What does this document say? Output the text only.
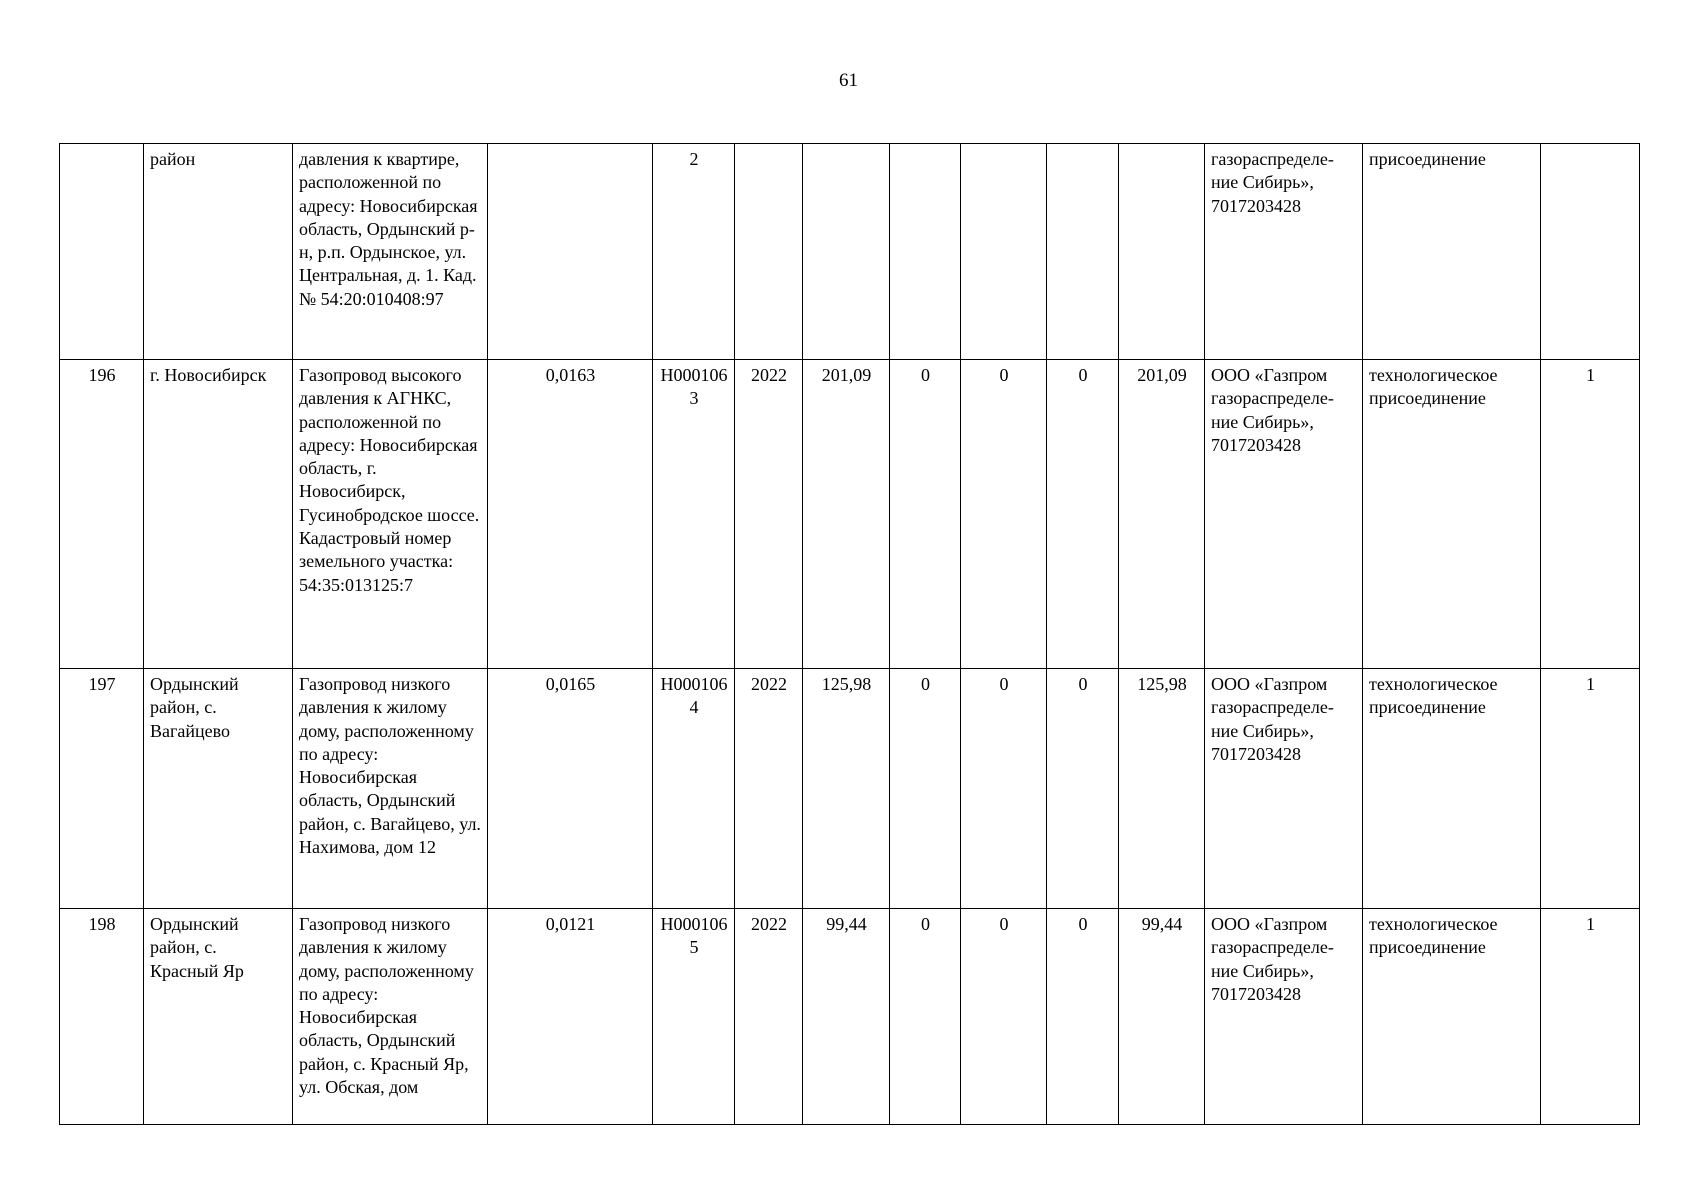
61
	район	давления к квартире, расположенной по адресу: Новосибирская область, Ордынский р-н, р.п. Ордынское, ул. Центральная, д. 1. Кад. № 54:20:010408:97		2							газораспределе-ние Сибирь», 7017203428	присоединение	
196	г. Новосибирск	Газопровод высокого давления к АГНКС, расположенной по адресу: Новосибирская область, г. Новосибирск, Гусинобродское шоссе. Кадастровый номер земельного участка: 54:35:013125:7	0,0163	Н0001063	2022	201,09	0	0	0	201,09	ООО «Газпром газораспределе-ние Сибирь», 7017203428	технологическое присоединение	1
197	Ордынский район, с. Вагайцево	Газопровод низкого давления к жилому дому, расположенному по адресу: Новосибирская область, Ордынский район, с. Вагайцево, ул. Нахимова, дом 12	0,0165	Н0001064	2022	125,98	0	0	0	125,98	ООО «Газпром газораспределе-ние Сибирь», 7017203428	технологическое присоединение	1
198	Ордынский район, с. Красный Яр	Газопровод низкого давления к жилому дому, расположенному по адресу: Новосибирская область, Ордынский район, с. Красный Яр, ул. Обская, дом	0,0121	Н0001065	2022	99,44	0	0	0	99,44	ООО «Газпром газораспределе-ние Сибирь», 7017203428	технологическое присоединение	1
